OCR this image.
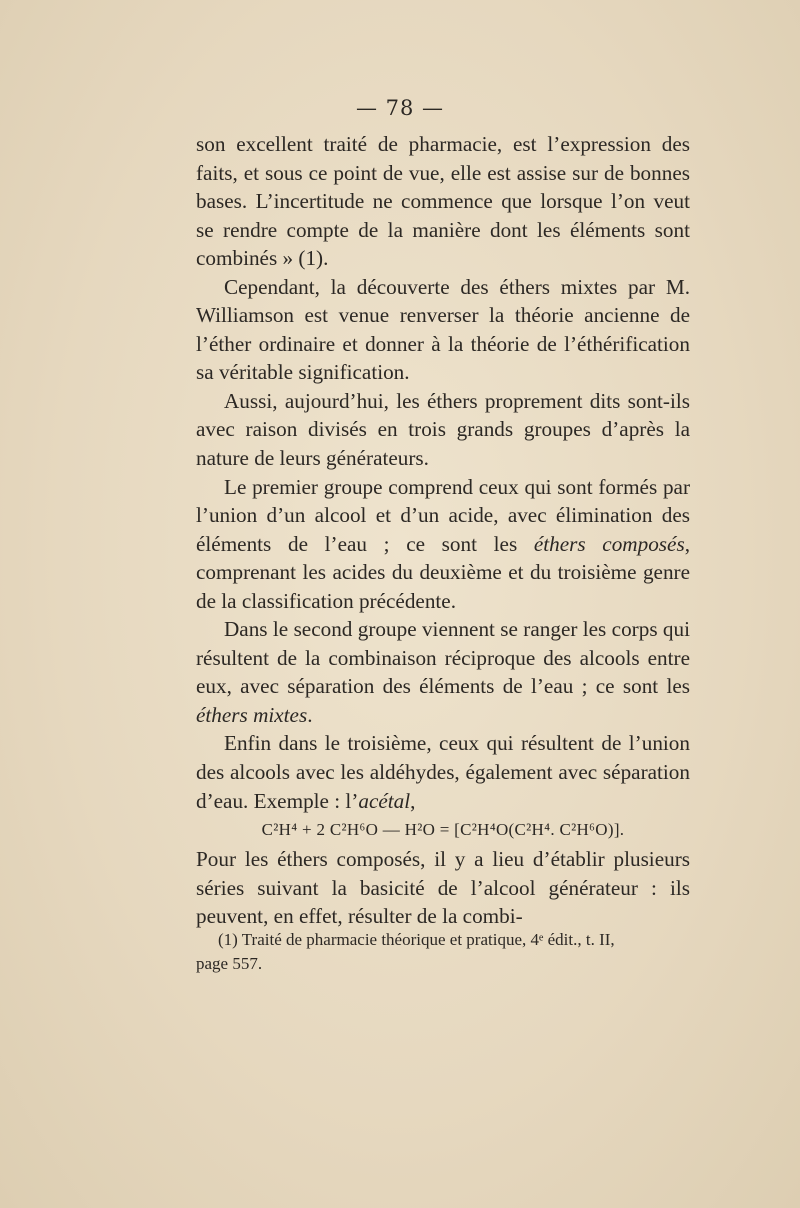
— 78 —

son excellent traité de pharmacie, est l’expression des faits, et sous ce point de vue, elle est assise sur de bonnes bases. L’incertitude ne commence que lorsque l’on veut se rendre compte de la manière dont les éléments sont combinés » (1).

Cependant, la découverte des éthers mixtes par M. Williamson est venue renverser la théorie ancienne de l’éther ordinaire et donner à la théorie de l’éthérification sa véritable signification.

Aussi, aujourd’hui, les éthers proprement dits sont-ils avec raison divisés en trois grands groupes d’après la nature de leurs générateurs.

Le premier groupe comprend ceux qui sont formés par l’union d’un alcool et d’un acide, avec élimination des éléments de l’eau ; ce sont les éthers composés, comprenant les acides du deuxième et du troisième genre de la classification précédente.

Dans le second groupe viennent se ranger les corps qui résultent de la combinaison réciproque des alcools entre eux, avec séparation des éléments de l’eau ; ce sont les éthers mixtes.

Enfin dans le troisième, ceux qui résultent de l’union des alcools avec les aldéhydes, également avec séparation d’eau. Exemple : l’acétal,

C²H⁴ + 2 C²H⁶O — H²O = [C²H⁴O(C²H⁴. C²H⁶O)].

Pour les éthers composés, il y a lieu d’établir plusieurs séries suivant la basicité de l’alcool générateur : ils peuvent, en effet, résulter de la combi-

(1) Traité de pharmacie théorique et pratique, 4ᵉ édit., t. II,
page 557.
